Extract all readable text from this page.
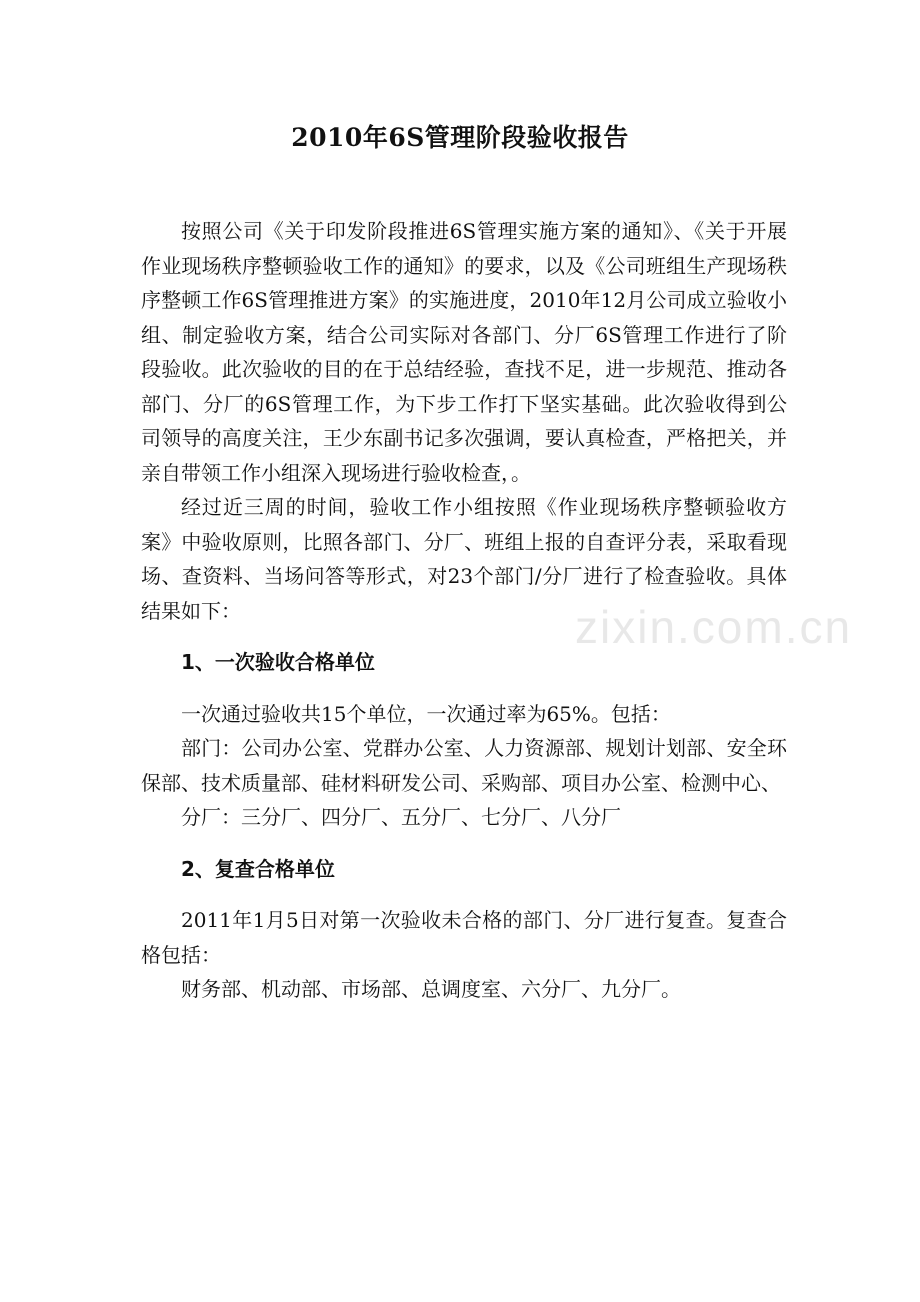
zixin.com.cn
2010年6S管理阶段验收报告

按照公司《关于印发阶段推进6S管理实施方案的通知》、《关于开展作业现场秩序整顿验收工作的通知》的要求，以及《公司班组生产现场秩序整顿工作6S管理推进方案》的实施进度，2010年12月公司成立验收小组、制定验收方案，结合公司实际对各部门、分厂6S管理工作进行了阶段验收。此次验收的目的在于总结经验，查找不足，进一步规范、推动各部门、分厂的6S管理工作，为下步工作打下坚实基础。此次验收得到公司领导的高度关注，王少东副书记多次强调，要认真检查，严格把关，并亲自带领工作小组深入现场进行验收检查，。

经过近三周的时间，验收工作小组按照《作业现场秩序整顿验收方案》中验收原则，比照各部门、分厂、班组上报的自查评分表，采取看现场、查资料、当场问答等形式，对23个部门/分厂进行了检查验收。具体结果如下：

1、一次验收合格单位

一次通过验收共15个单位，一次通过率为65%。包括：

部门：公司办公室、党群办公室、人力资源部、规划计划部、安全环保部、技术质量部、硅材料研发公司、采购部、项目办公室、检测中心、

分厂：三分厂、四分厂、五分厂、七分厂、八分厂

2、复查合格单位

2011年1月5日对第一次验收未合格的部门、分厂进行复查。复查合格包括：

财务部、机动部、市场部、总调度室、六分厂、九分厂。
